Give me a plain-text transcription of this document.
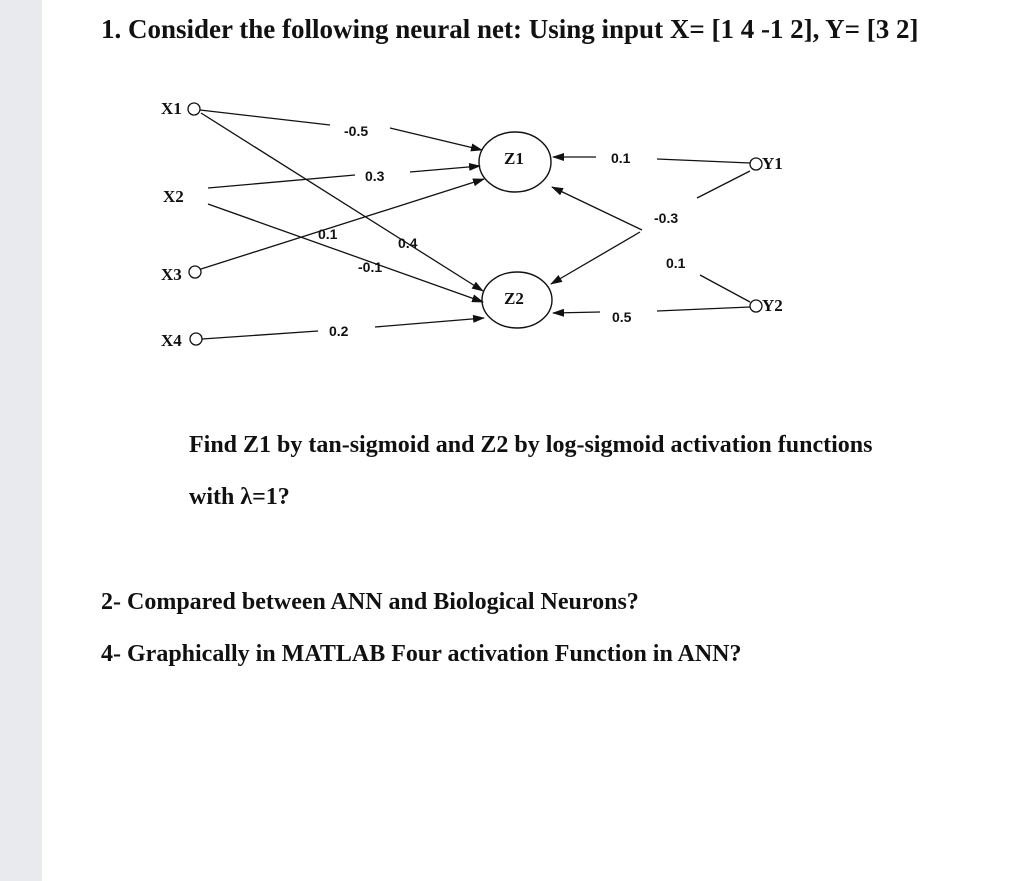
1. Consider the following neural net: Using input X= [1 4 -1 2], Y= [3 2]
X1
X2
X3
X4
Z1
Z2
Y1
Y2
-0.5
0.3
0.1
0.4
-0.1
0.2
0.1
-0.3
0.1
0.5

Find Z1 by tan-sigmoid and Z2 by log-sigmoid activation functions

with λ=1?

2- Compared between ANN and Biological Neurons?

4- Graphically in MATLAB Four activation Function in ANN?
